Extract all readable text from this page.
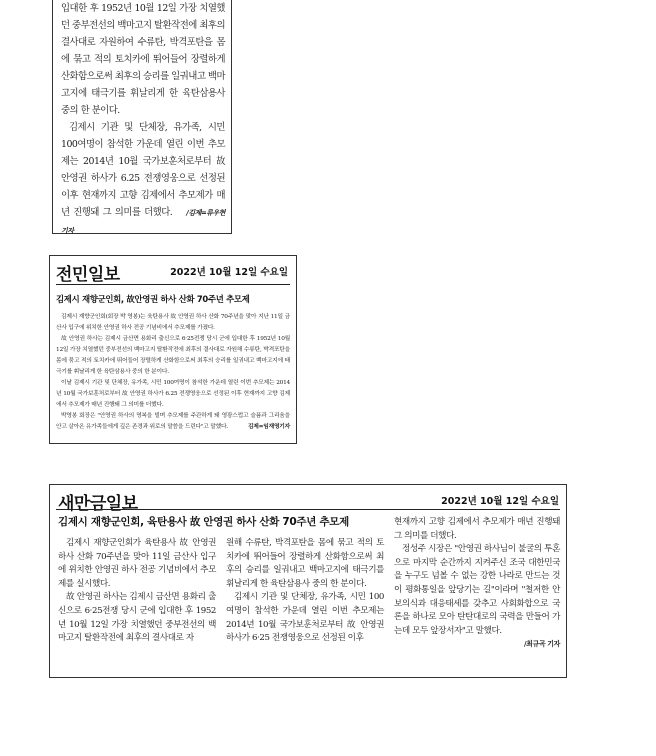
입대한 후 1952년 10월 12일 가장 치열했던 중부전선의 백마고지 탈환작전에 최후의 결사대로 자원하여 수류탄, 박격포탄을 몸에 묶고 적의 토치카에 뛰어들어 장렬하게 산화함으로써 최후의 승리를 일궈내고 백마고지에 태극기를 휘날리게 한 육탄삼용사 중의 한 분이다.

김제시 기관 및 단체장, 유가족, 시민 100여명이 참석한 가운데 열린 이번 추모제는 2014년 10월 국가보훈처로부터 故 안영권 하사가 6.25 전쟁영웅으로 선정된 이후 현재까지 고향 김제에서 추모제가 매년 진행돼 그 의미를 더했다. /김제=류우현기자

전민일보	2022년 10월 12일 수요일
김제시 재향군인회, 故안영권 하사 산화 70주년 추모제

김제시 재향군인회(회장 박 영봉)는 육탄용사 故 안영권 하사 산화 70주년을 맞아 지난 11일 금산사 입구에 위치한 안영권 하사 전공 기념비에서 추모제를 가졌다.

故 안영권 하사는 김제시 금산면 용화리 출신으로 6·25전쟁 당시 군에 입대한 후 1952년 10월 12일 가장 치열했던 중부전선의 백마고지 탈환작전에 최후의 결사대로 자원해 수류탄, 박격포탄을 몸에 묶고 적의 토치카에 뛰어들어 장렬하게 산화함으로써 최후의 승리를 일궈내고 백마고지에 태극기를 휘날리게 한 육탄삼용사 중의 한 분이다.

이날 김제시 기관 및 단체장, 유가족, 시민 100여명이 참석한 가운데 열린 이번 추모제는 2014년 10월 국가보훈처로부터 故 안영권 하사가 6.25 전쟁영웅으로 선정된 이후 현재까지 고향 김제에서 추모제가 매년 진행돼 그 의미를 더했다.

박영봉 회장은 "안영권 하사의 명복을 빌며 추모제를 주관하게 돼 영광스럽고 슬픔과 그리움을 안고 살아온 유가족들에게 깊은 존경과 위로의 말씀을 드린다"고 말했다.	김제=임재영기자

새만금일보	2022년 10월 12일 수요일
김제시 재향군인회, 육탄용사 故 안영권 하사 산화 70주년 추모제

김제시 재향군인회가 육탄용사 故 안영권 하사 산화 70주년을 맞아 11일 금산사 입구에 위치한 안영권 하사 전공 기념비에서 추모제를 실시했다.

故 안영권 하사는 김제시 금산면 용화리 출신으로 6·25전쟁 당시 군에 입대한 후 1952년 10월 12일 가장 치열했던 중부전선의 백마고지 탈환작전에 최후의 결사대로 자

원해 수류탄, 박격포탄을 몸에 묶고 적의 토치카에 뛰어들어 장렬하게 산화함으로써 최후의 승리를 일궈내고 백마고지에 태극기를 휘날리게 한 육탄삼용사 중의 한 분이다.

김제시 기관 및 단체장, 유가족, 시민 100여명이 참석한 가운데 열린 이번 추모제는 2014년 10월 국가보훈처로부터 故 안영권 하사가 6·25 전쟁영웅으로 선정된 이후

현재까지 고향 김제에서 추모제가 매년 진행돼 그 의미를 더했다.

정성주 시장은 "안영권 하사님이 불굴의 투혼으로 마지막 순간까지 지켜주신 조국 대한민국을 누구도 넘볼 수 없는 강한 나라로 만드는 것이 평화통일을 앞당기는 길"이라며 "철저한 안보의식과 대응태세를 갖추고 사회화합으로 국론을 하나로 모아 탄탄대로의 국력을 만들어 가는데 모두 앞장서자"고 말했다.

/최규곡 기자
